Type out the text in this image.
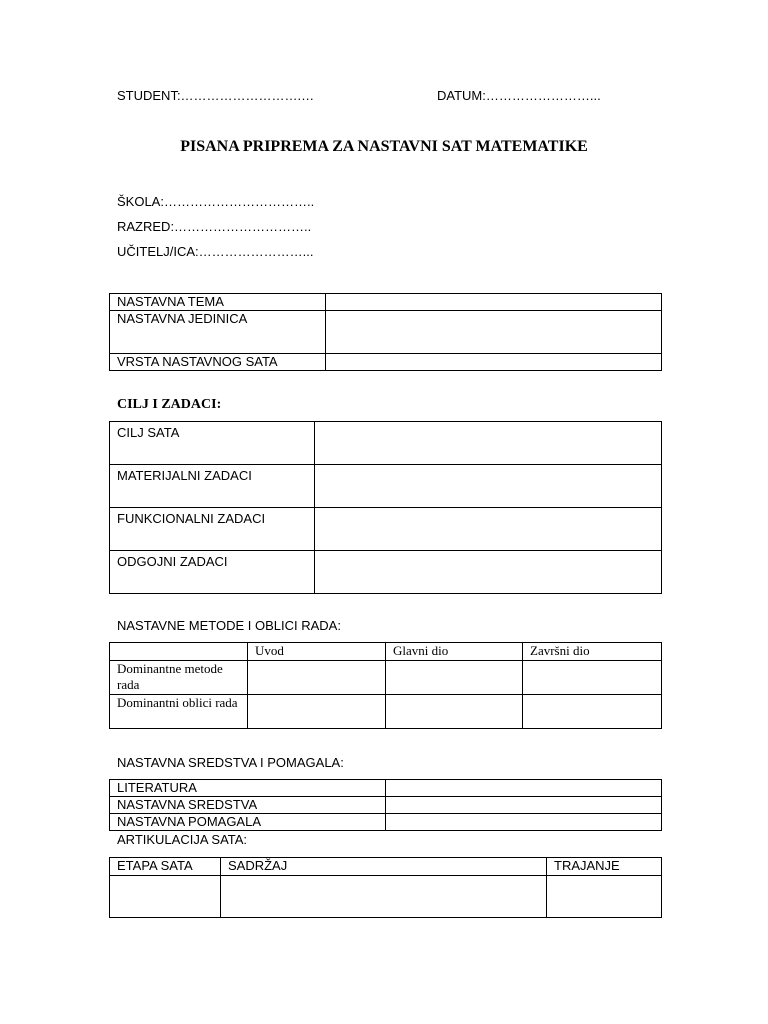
STUDENT:……………………….…	DATUM:……………………...
PISANA PRIPREMA ZA NASTAVNI SAT MATEMATIKE
ŠKOLA:……………………………..
RAZRED:…………………………..
UČITELJ/ICA:……………………...
NASTAVNA TEMA	
NASTAVNA JEDINICA	
VRSTA NASTAVNOG SATA	
CILJ I ZADACI:
CILJ SATA	
MATERIJALNI ZADACI	
FUNKCIONALNI ZADACI	
ODGOJNI ZADACI	
NASTAVNE METODE I OBLICI RADA:
	Uvod	Glavni dio	Završni dio
Dominantne metode rada			
Dominantni oblici rada			
NASTAVNA SREDSTVA I POMAGALA:
LITERATURA	
NASTAVNA SREDSTVA	
NASTAVNA POMAGALA	
ARTIKULACIJA SATA:
ETAPA SATA	SADRŽAJ	TRAJANJE
